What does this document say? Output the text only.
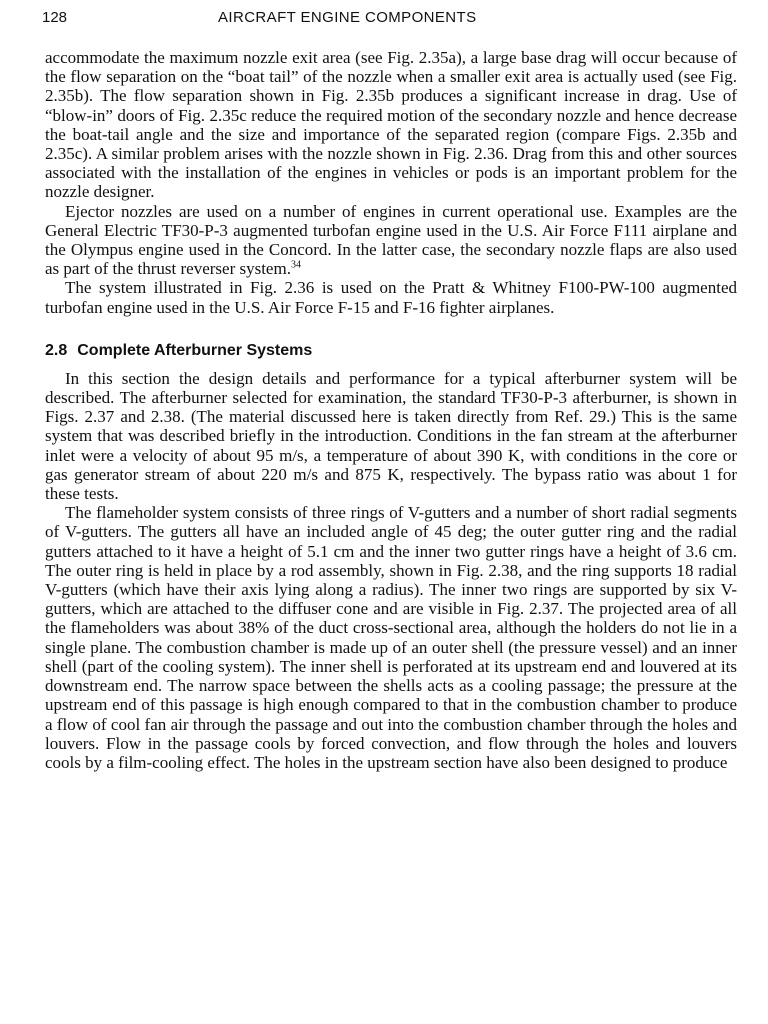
128	AIRCRAFT ENGINE COMPONENTS

accommodate the maximum nozzle exit area (see Fig. 2.35a), a large base drag will occur because of the flow separation on the “boat tail” of the nozzle when a smaller exit area is actually used (see Fig. 2.35b). The flow separation shown in Fig. 2.35b produces a significant increase in drag. Use of “blow-in” doors of Fig. 2.35c reduce the required motion of the secondary nozzle and hence decrease the boat-tail angle and the size and importance of the separated region (compare Figs. 2.35b and 2.35c). A similar problem arises with the nozzle shown in Fig. 2.36. Drag from this and other sources associated with the installation of the engines in vehicles or pods is an important problem for the nozzle designer.

Ejector nozzles are used on a number of engines in current operational use. Examples are the General Electric TF30-P-3 augmented turbofan engine used in the U.S. Air Force F111 airplane and the Olympus engine used in the Concord. In the latter case, the secondary nozzle flaps are also used as part of the thrust reverser system.$^{34}$

The system illustrated in Fig. 2.36 is used on the Pratt & Whitney F100-PW-100 augmented turbofan engine used in the U.S. Air Force F-15 and F-16 fighter airplanes.

2.8 Complete Afterburner Systems

In this section the design details and performance for a typical afterburner system will be described. The afterburner selected for examination, the standard TF30-P-3 afterburner, is shown in Figs. 2.37 and 2.38. (The material discussed here is taken directly from Ref. 29.) This is the same system that was described briefly in the introduction. Conditions in the fan stream at the afterburner inlet were a velocity of about 95 m/s, a temperature of about 390 K, with conditions in the core or gas generator stream of about 220 m/s and 875 K, respectively. The bypass ratio was about 1 for these tests.

The flameholder system consists of three rings of V-gutters and a number of short radial segments of V-gutters. The gutters all have an included angle of 45 deg; the outer gutter ring and the radial gutters attached to it have a height of 5.1 cm and the inner two gutter rings have a height of 3.6 cm. The outer ring is held in place by a rod assembly, shown in Fig. 2.38, and the ring supports 18 radial V-gutters (which have their axis lying along a radius). The inner two rings are supported by six V-gutters, which are attached to the diffuser cone and are visible in Fig. 2.37. The projected area of all the flameholders was about 38% of the duct cross-sectional area, although the holders do not lie in a single plane. The combustion chamber is made up of an outer shell (the pressure vessel) and an inner shell (part of the cooling system). The inner shell is perforated at its upstream end and louvered at its downstream end. The narrow space between the shells acts as a cooling passage; the pressure at the upstream end of this passage is high enough compared to that in the combustion chamber to produce a flow of cool fan air through the passage and out into the combustion chamber through the holes and louvers. Flow in the passage cools by forced convection, and flow through the holes and louvers cools by a film-cooling effect. The holes in the upstream section have also been designed to produce
